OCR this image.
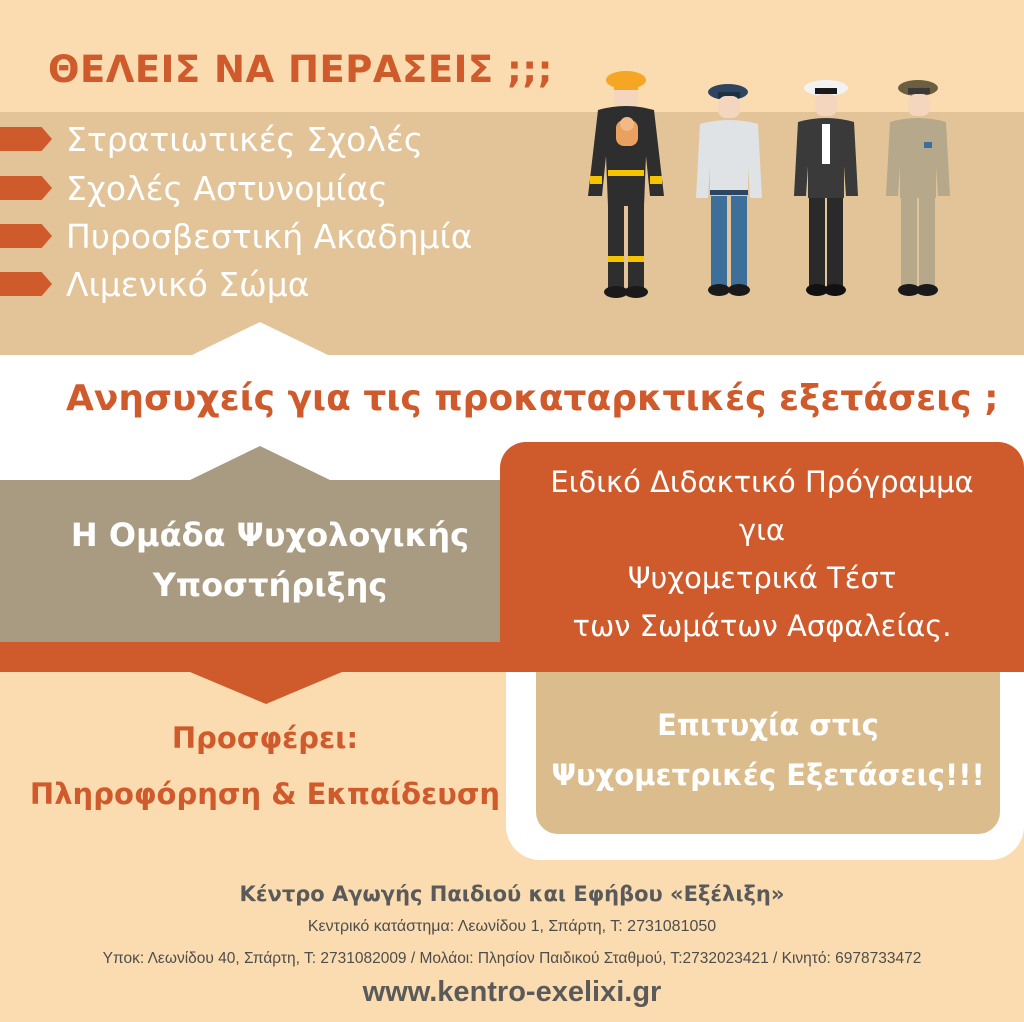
ΘΕΛΕΙΣ ΝΑ ΠΕΡΑΣΕΙΣ ;;;
Στρατιωτικές Σχολές
Σχολές Αστυνομίας
Πυροσβεστική Ακαδημία
Λιμενικό Σώμα
Ανησυχείς για τις προκαταρκτικές εξετάσεις ;
Η Ομάδα Ψυχολογικής
Υποστήριξης
Ειδικό Διδακτικό Πρόγραμμα
για
Ψυχομετρικά Τέστ
των Σωμάτων Ασφαλείας.
Επιτυχία στις
Ψυχομετρικές Εξετάσεις!!!
Προσφέρει:
Πληροφόρηση & Εκπαίδευση
Κέντρο Αγωγής Παιδιού και Εφήβου «Εξέλιξη»
Κεντρικό κατάστημα: Λεωνίδου 1, Σπάρτη, Τ: 2731081050
Υποκ: Λεωνίδου 40, Σπάρτη, Τ: 2731082009 / Μολάοι: Πλησίον Παιδικού Σταθμού, Τ:2732023421 / Κινητό: 6978733472
www.kentro-exelixi.gr
